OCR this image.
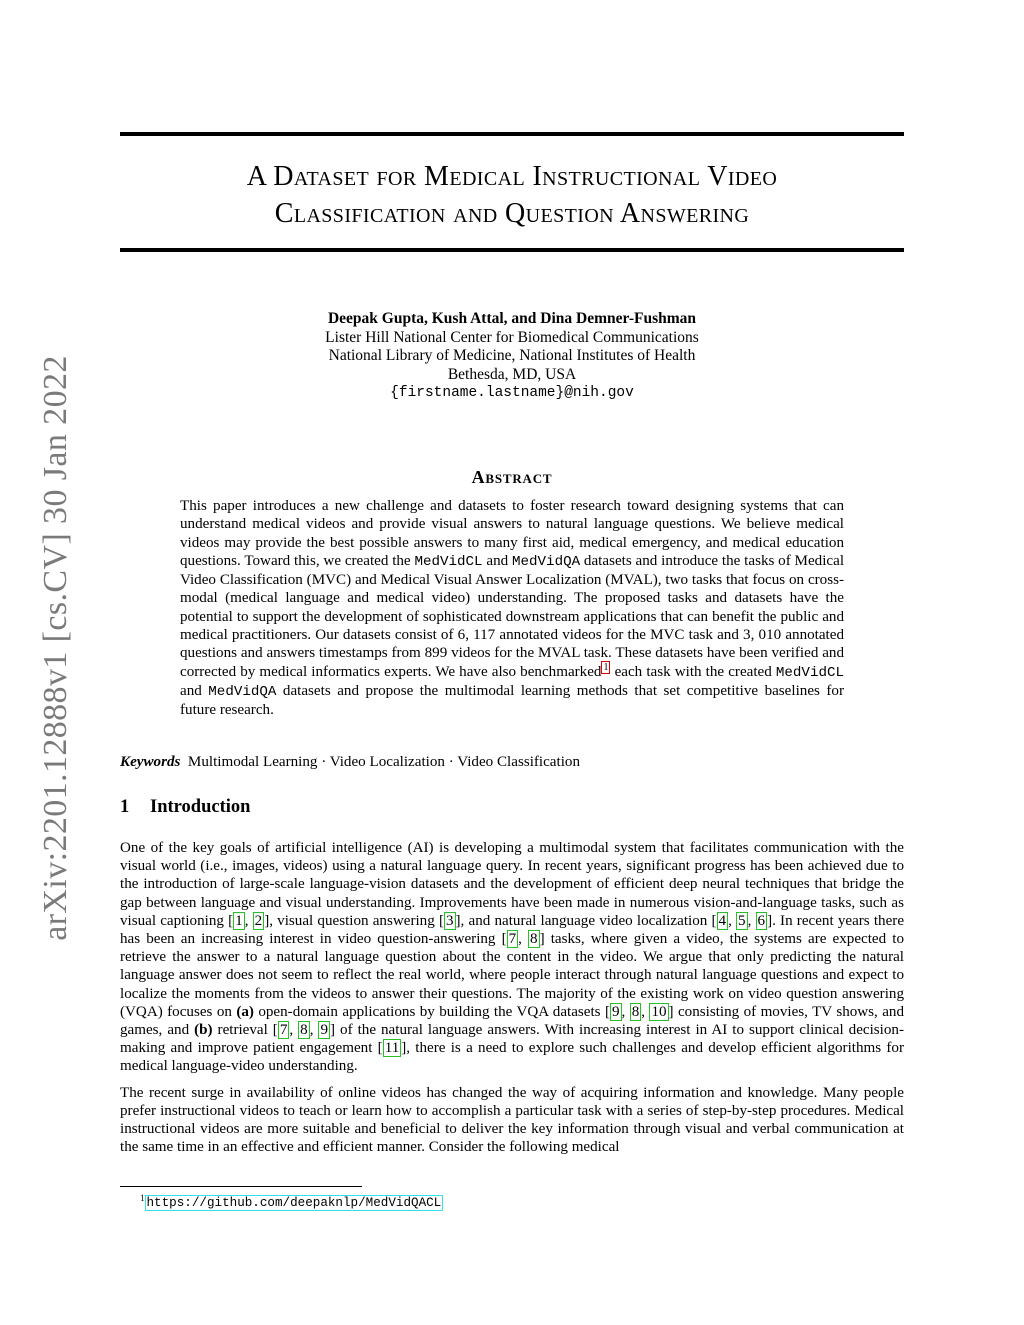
arXiv:2201.12888v1 [cs.CV] 30 Jan 2022
A Dataset for Medical Instructional Video
Classification and Question Answering
Deepak Gupta, Kush Attal, and Dina Demner-Fushman
Lister Hill National Center for Biomedical Communications
National Library of Medicine, National Institutes of Health
Bethesda, MD, USA
{firstname.lastname}@nih.gov
Abstract

This paper introduces a new challenge and datasets to foster research toward designing systems that can understand medical videos and provide visual answers to natural language questions. We believe medical videos may provide the best possible answers to many first aid, medical emergency, and medical education questions. Toward this, we created the MedVidCL and MedVidQA datasets and introduce the tasks of Medical Video Classification (MVC) and Medical Visual Answer Localization (MVAL), two tasks that focus on cross-modal (medical language and medical video) understanding. The proposed tasks and datasets have the potential to support the development of sophisticated downstream applications that can benefit the public and medical practitioners. Our datasets consist of 6, 117 annotated videos for the MVC task and 3, 010 annotated questions and answers timestamps from 899 videos for the MVAL task. These datasets have been verified and corrected by medical informatics experts. We have also benchmarked $^1$ each task with the created MedVidCL and MedVidQA datasets and propose the multimodal learning methods that set competitive baselines for future research.

Keywords Multimodal Learning · Video Localization · Video Classification
1 Introduction

One of the key goals of artificial intelligence (AI) is developing a multimodal system that facilitates communication with the visual world (i.e., images, videos) using a natural language query. In recent years, significant progress has been achieved due to the introduction of large-scale language-vision datasets and the development of efficient deep neural techniques that bridge the gap between language and visual understanding. Improvements have been made in numerous vision-and-language tasks, such as visual captioning [ 1 , 2 ], visual question answering [ 3 ], and natural language video localization [ 4 , 5 , 6 ]. In recent years there has been an increasing interest in video question-answering [ 7 , 8 ] tasks, where given a video, the systems are expected to retrieve the answer to a natural language question about the content in the video. We argue that only predicting the natural language answer does not seem to reflect the real world, where people interact through natural language questions and expect to localize the moments from the videos to answer their questions. The majority of the existing work on video question answering (VQA) focuses on (a) open-domain applications by building the VQA datasets [ 9 , 8 , 10 ] consisting of movies, TV shows, and games, and (b) retrieval [ 7 , 8 , 9 ] of the natural language answers. With increasing interest in AI to support clinical decision-making and improve patient engagement [ 11 ], there is a need to explore such challenges and develop efficient algorithms for medical language-video understanding.

The recent surge in availability of online videos has changed the way of acquiring information and knowledge. Many people prefer instructional videos to teach or learn how to accomplish a particular task with a series of step-by-step procedures. Medical instructional videos are more suitable and beneficial to deliver the key information through visual and verbal communication at the same time in an effective and efficient manner. Consider the following medical

$^1$ https://github.com/deepaknlp/MedVidQACL
